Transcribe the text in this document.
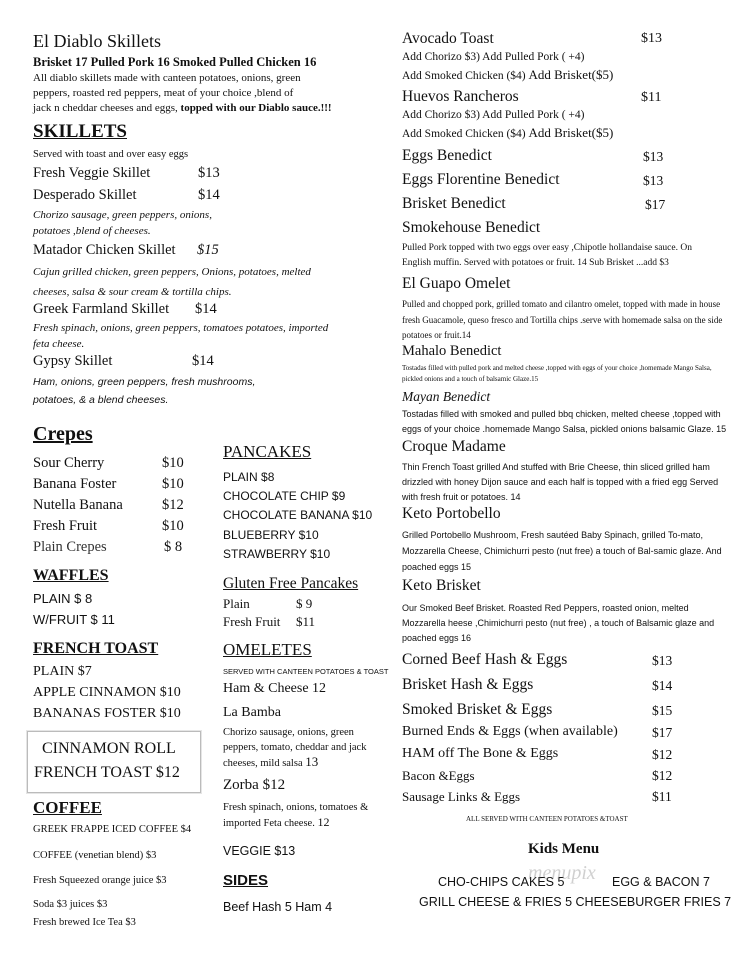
El Diablo Skillets
Brisket 17 Pulled Pork 16 Smoked Pulled Chicken 16
All diablo skillets made with canteen potatoes, onions, green
peppers, roasted red peppers, meat of your choice ,blend of
jack n cheddar cheeses and eggs, topped with our Diablo sauce.!!!
SKILLETS
Served with toast and over easy eggs
Fresh Veggie Skillet	$13
Desperado Skillet	$14
Chorizo sausage, green peppers, onions, potatoes ,blend of cheeses.
Matador Chicken Skillet $15
Cajun grilled chicken, green peppers, Onions, potatoes, melted cheeses, salsa & sour cream & tortilla chips.
Greek Farmland Skillet $14
Fresh spinach, onions, green peppers, tomatoes potatoes, imported feta cheese.
Gypsy Skillet	$14
Ham, onions, green peppers, fresh mushrooms, potatoes, & a blend cheeses.
Crepes
Sour Cherry	$10
Banana Foster	$10
Nutella Banana	$12
Fresh Fruit	$10
Plain Crepes	$ 8
WAFFLES
PLAIN $ 8
W/FRUIT $ 11
FRENCH TOAST
PLAIN $7
APPLE CINNAMON $10
BANANAS FOSTER $10
CINNAMON ROLL
FRENCH TOAST $12
COFFEE
GREEK FRAPPE ICED COFFEE $4
COFFEE (venetian blend) $3
Fresh Squeezed orange juice $3
Soda $3 juices $3
Fresh brewed Ice Tea $3
PANCAKES
PLAIN $8
CHOCOLATE CHIP $9
CHOCOLATE BANANA $10
BLUEBERRY $10
STRAWBERRY $10
Gluten Free Pancakes
Plain	$ 9
Fresh Fruit $11
OMELETES
SERVED WITH CANTEEN POTATOES & TOAST
Ham & Cheese 12
La Bamba
Chorizo sausage, onions, green peppers, tomato, cheddar and jack cheeses, mild salsa 13
Zorba $12
Fresh spinach, onions, tomatoes & imported Feta cheese. 12
VEGGIE $13
SIDES
Beef Hash 5 Ham 4
Avocado Toast	$13
Add Chorizo $3) Add Pulled Pork ( +4)
Add Smoked Chicken ($4) Add Brisket($5)
Huevos Rancheros	$11
Add Chorizo $3) Add Pulled Pork ( +4)
Add Smoked Chicken ($4) Add Brisket($5)
Eggs Benedict	$13
Eggs Florentine Benedict	$13
Brisket Benedict	$17
Smokehouse Benedict
Pulled Pork topped with two eggs over easy ,Chipotle hollandaise sauce. On English muffin. Served with potatoes or fruit. 14 Sub Brisket ...add $3
El Guapo Omelet
Pulled and chopped pork, grilled tomato and cilantro omelet, topped with made in house fresh Guacamole, queso fresco and Tortilla chips .serve with homemade salsa on the side potatoes or fruit.14
Mahalo Benedict
Tostadas filled with pulled pork and melted cheese ,topped with eggs of your choice ,homemade Mango Salsa, pickled onions and a touch of balsamic Glaze.15
Mayan Benedict
Tostadas filled with smoked and pulled bbq chicken, melted cheese ,topped with eggs of your choice .homemade Mango Salsa, pickled onions balsamic Glaze. 15
Croque Madame
Thin French Toast grilled And stuffed with Brie Cheese, thin sliced grilled ham drizzled with honey Dijon sauce and each half is topped with a fried egg Served with fresh fruit or potatoes. 14
Keto Portobello
Grilled Portobello Mushroom, Fresh sautéed Baby Spinach, grilled To-mato, Mozzarella Cheese, Chimichurri pesto (nut free) a touch of Bal-samic glaze. And poached eggs 15
Keto Brisket
Our Smoked Beef Brisket. Roasted Red Peppers, roasted onion, melted Mozzarella heese ,Chimichurri pesto (nut free) , a touch of Balsamic glaze and poached eggs 16
Corned Beef Hash & Eggs	$13
Brisket Hash & Eggs	$14
Smoked Brisket & Eggs	$15
Burned Ends & Eggs (when available)	$17
HAM off The Bone & Eggs	$12
Bacon &Eggs	$12
Sausage Links & Eggs	$11
ALL SERVED WITH CANTEEN POTATOES &TOAST
Kids Menu
CHO-CHIPS CAKES 5	EGG & BACON 7
GRILL CHEESE & FRIES 5 CHEESEBURGER FRIES 7
menupix
